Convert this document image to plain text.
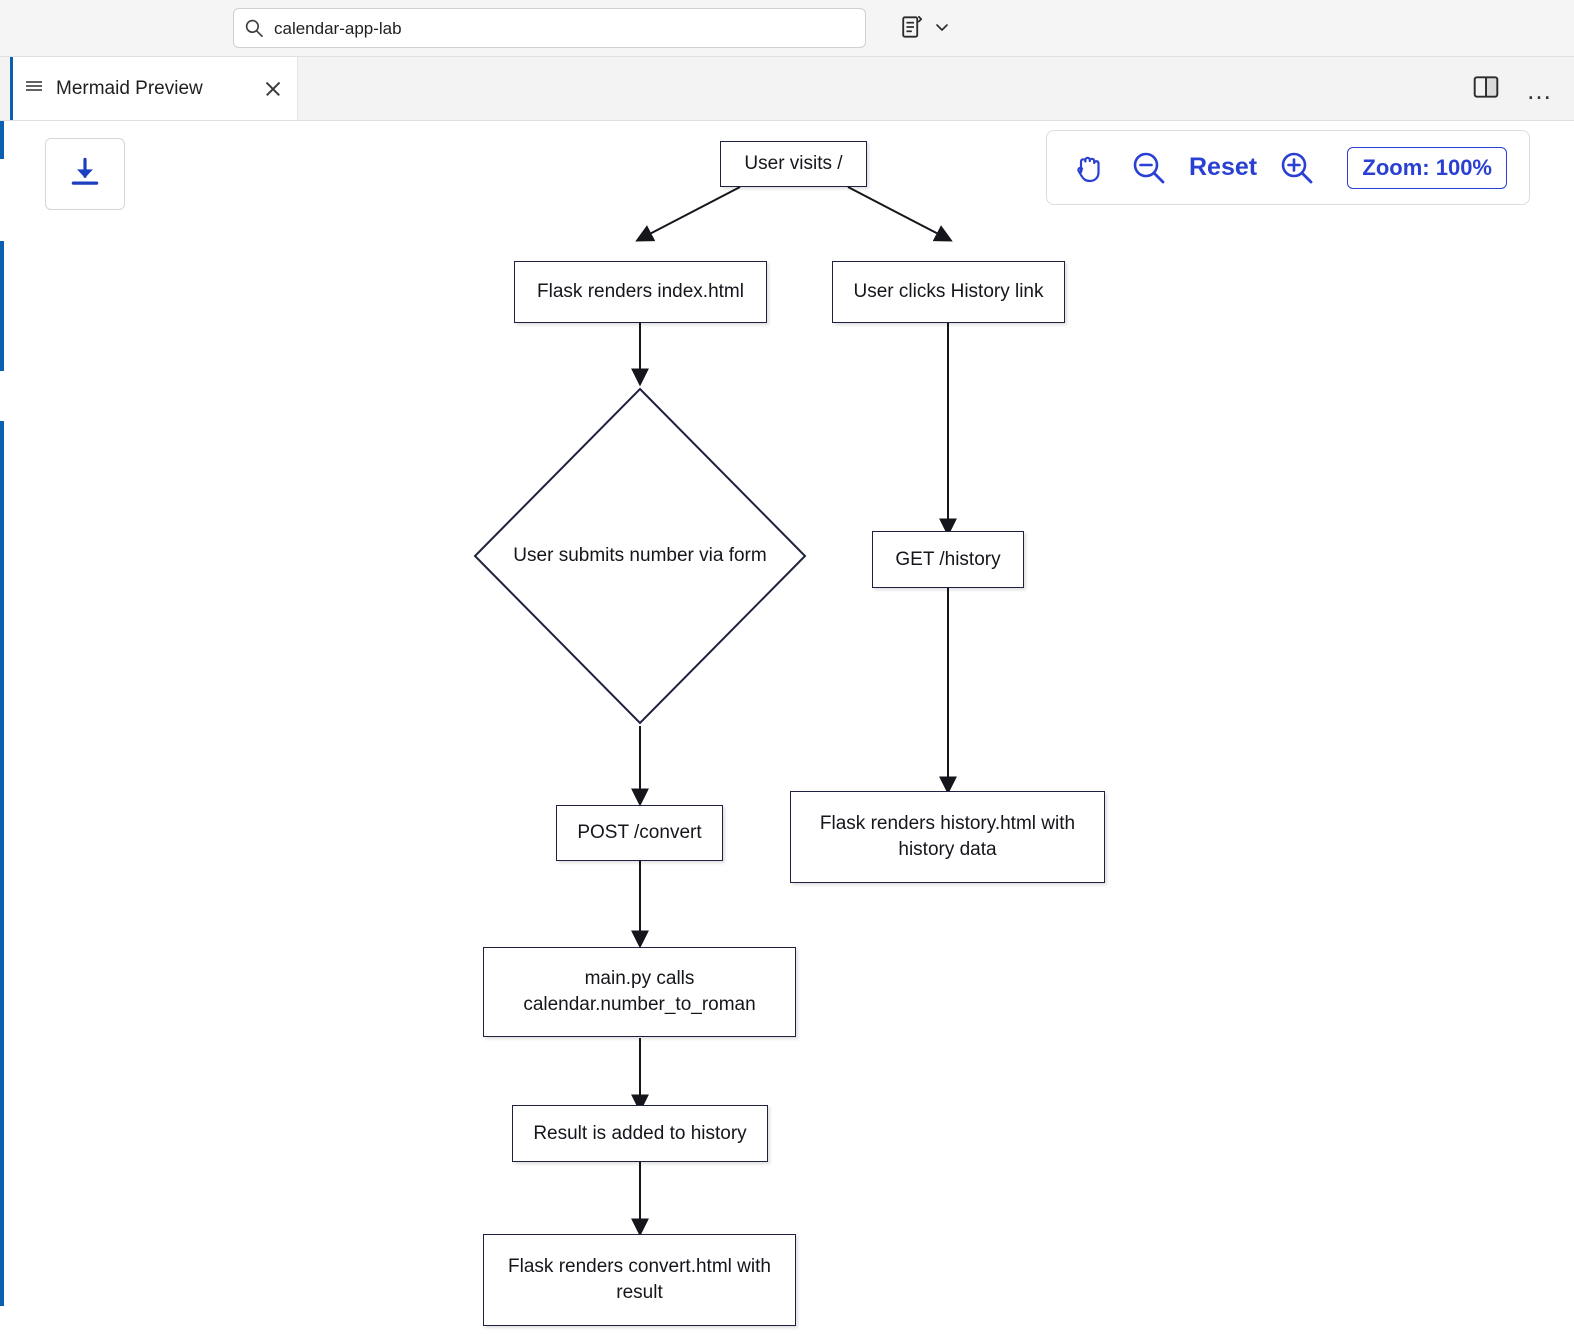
calendar-app-lab
Mermaid Preview	…
Reset	Zoom: 100%
User visits /
Flask renders index.html	User clicks History link
User submits number via form	GET /history
POST /convert	Flask renders history.html with history data
main.py calls calendar.number_to_roman
Result is added to history
Flask renders convert.html with result
